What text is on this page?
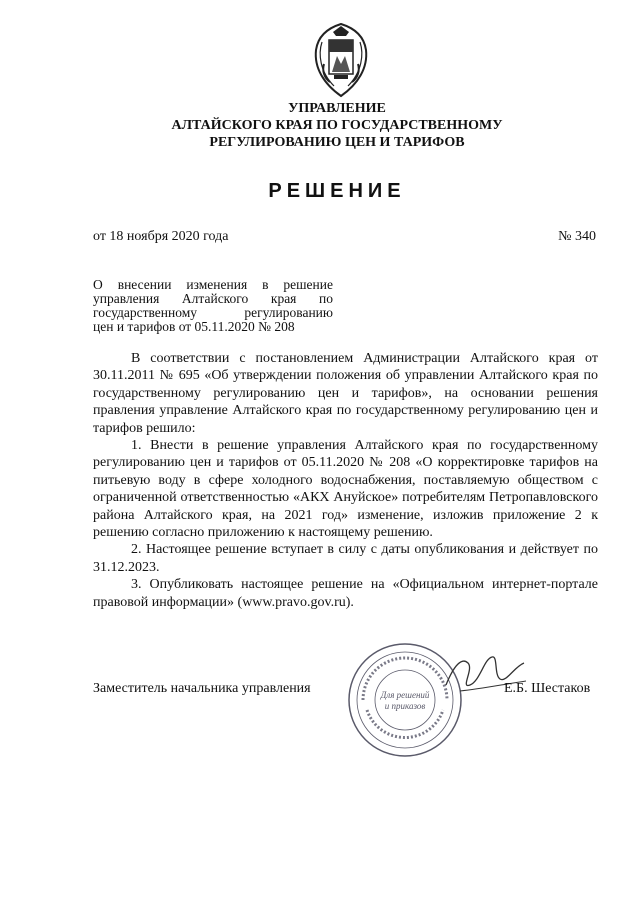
УПРАВЛЕНИЕ
АЛТАЙСКОГО КРАЯ ПО ГОСУДАРСТВЕННОМУ
РЕГУЛИРОВАНИЮ ЦЕН И ТАРИФОВ
РЕШЕНИЕ
от 18 ноября 2020 года	№ 340
О внесении изменения в решение
управления Алтайского края по
государственному регулированию
цен и тарифов от 05.11.2020 № 208

В соответствии с постановлением Администрации Алтайского края от 30.11.2011 № 695 «Об утверждении положения об управлении Алтайского края по государственному регулированию цен и тарифов», на основании решения правления управление Алтайского края по государственному регулированию цен и тарифов решило:

1. Внести в решение управления Алтайского края по государственному регулированию цен и тарифов от 05.11.2020 № 208 «О корректировке тарифов на питьевую воду в сфере холодного водоснабжения, поставляемую обществом с ограниченной ответственностью «АКХ Ануйское» потребителям Петропавловского района Алтайского края, на 2021 год» изменение, изложив приложение 2 к решению согласно приложению к настоящему решению.

2. Настоящее решение вступает в силу с даты опубликования и действует по 31.12.2023.

3. Опубликовать настоящее решение на «Официальном интернет-портале правовой информации» (www.pravo.gov.ru).

Для решений
и приказов
Заместитель начальника управления	Е.Б. Шестаков
